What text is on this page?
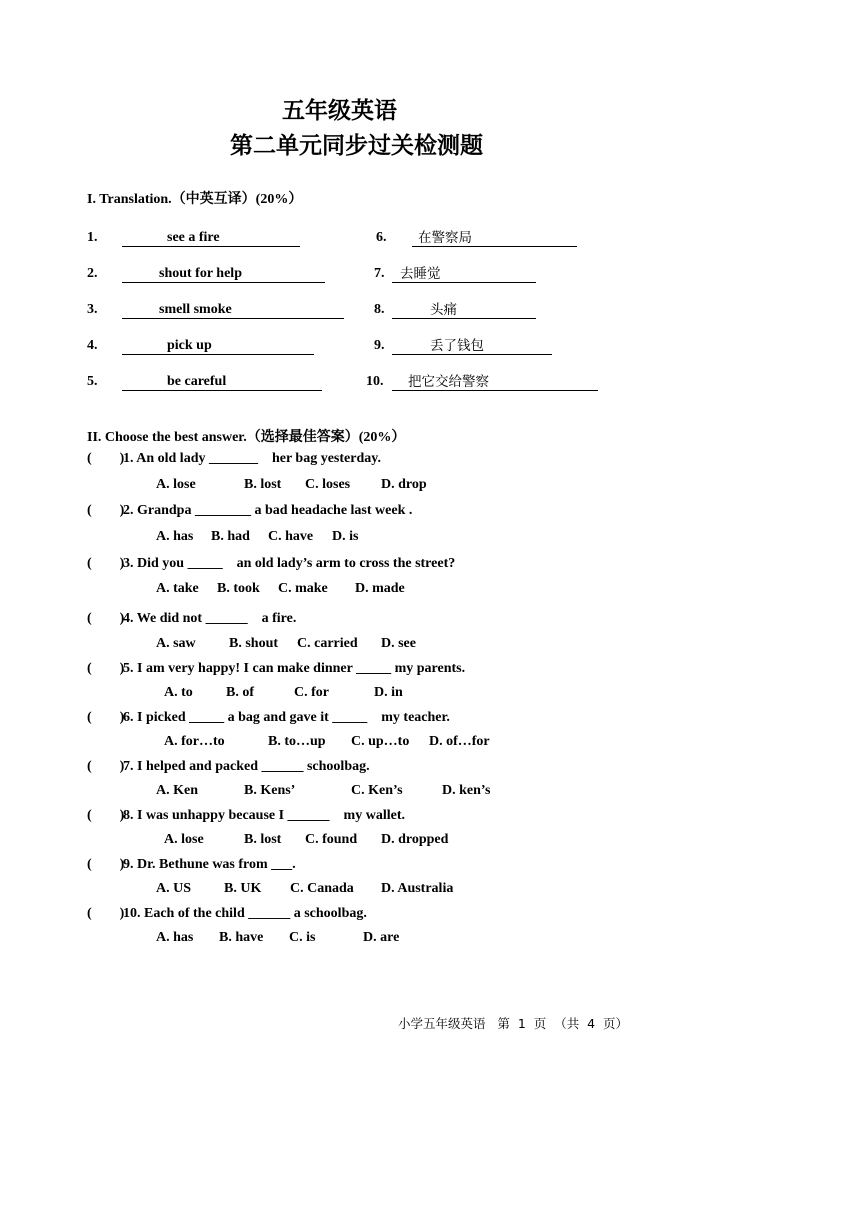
五年级英语
第二单元同步过关检测题
I. Translation.（中英互译）(20%）
1.	see a fire
2.	shout for help
3.	smell smoke
4.	pick up
5.	be careful
6. 在警察局
7. 去睡觉
8.	头痛
9.	丢了钱包
10. 把它交给警察
II. Choose the best answer.（选择最佳答案）(20%）
(        )1. An old lady _______    her bag yesterday.
A. lose	B. lost C. loses D. drop
(        )2. Grandpa ________ a bad headache last week .
A. has B. had C. have D. is
(        )3. Did you _____    an old lady’s arm to cross the street?
A. take B. took C. make D. made
(        )4. We did not ______    a fire.
A. saw B. shout C. carried D. see
(        )5. I am very happy! I can make dinner _____ my parents.
A. to B. of	C. for	D. in
(        )6. I picked _____ a bag and gave it _____    my teacher.
A. for…to	B. to…up C. up…to D. of…for
(        )7. I helped and packed ______ schoolbag.
A. Ken	B. Kens’	C. Ken’s	D. ken’s
(        )8. I was unhappy because I ______    my wallet.
A. lose	B. lost C. found D. dropped
(        )9. Dr. Bethune was from ___.
A. US B. UK C. Canada D. Australia
(        )10. Each of the child ______ a schoolbag.
A. has B. have C. is	D. are
小学五年级英语   第  1  页  （共  4  页）
